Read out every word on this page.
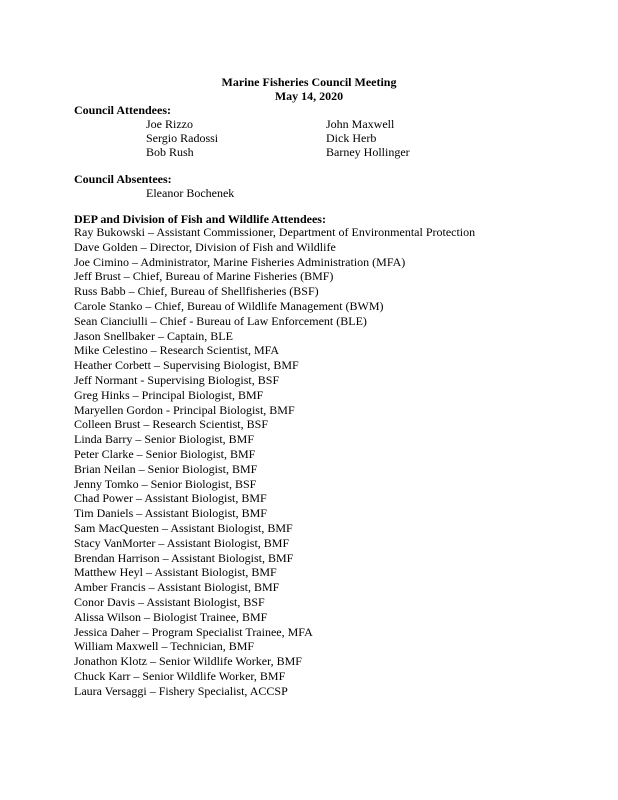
Marine Fisheries Council Meeting
May 14, 2020
Council Attendees:
Joe Rizzo
Sergio Radossi
Bob Rush
John Maxwell
Dick Herb
Barney Hollinger
Council Absentees:
Eleanor Bochenek
DEP and Division of Fish and Wildlife Attendees:
Ray Bukowski – Assistant Commissioner, Department of Environmental Protection
Dave Golden – Director, Division of Fish and Wildlife
Joe Cimino – Administrator, Marine Fisheries Administration (MFA)
Jeff Brust – Chief, Bureau of Marine Fisheries (BMF)
Russ Babb – Chief, Bureau of Shellfisheries (BSF)
Carole Stanko – Chief, Bureau of Wildlife Management (BWM)
Sean Cianciulli – Chief - Bureau of Law Enforcement (BLE)
Jason Snellbaker – Captain, BLE
Mike Celestino – Research Scientist, MFA
Heather Corbett – Supervising Biologist, BMF
Jeff Normant - Supervising Biologist, BSF
Greg Hinks – Principal Biologist, BMF
Maryellen Gordon - Principal Biologist, BMF
Colleen Brust – Research Scientist, BSF
Linda Barry – Senior Biologist, BMF
Peter Clarke – Senior Biologist, BMF
Brian Neilan – Senior Biologist, BMF
Jenny Tomko – Senior Biologist, BSF
Chad Power – Assistant Biologist, BMF
Tim Daniels – Assistant Biologist, BMF
Sam MacQuesten – Assistant Biologist, BMF
Stacy VanMorter – Assistant Biologist, BMF
Brendan Harrison – Assistant Biologist, BMF
Matthew Heyl – Assistant Biologist, BMF
Amber Francis – Assistant Biologist, BMF
Conor Davis – Assistant Biologist, BSF
Alissa Wilson – Biologist Trainee, BMF
Jessica Daher – Program Specialist Trainee, MFA
William Maxwell – Technician, BMF
Jonathon Klotz – Senior Wildlife Worker, BMF
Chuck Karr – Senior Wildlife Worker, BMF
Laura Versaggi – Fishery Specialist, ACCSP
